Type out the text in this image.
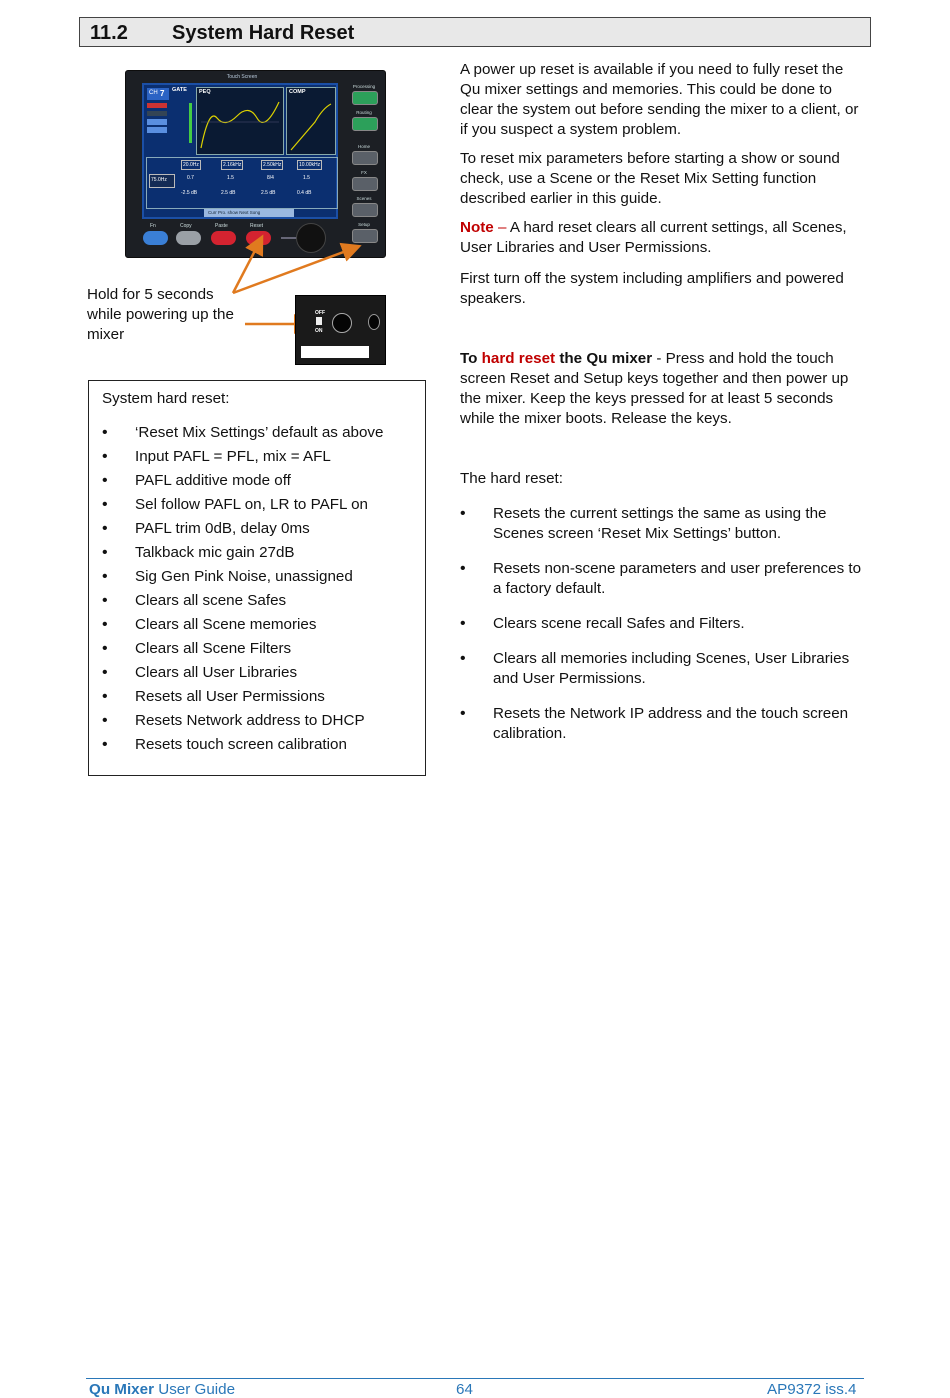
11.2 System Hard Reset
Touch Screen
CH 7 GATE PEQ	COMP
75.0Hz
20.0Hz	2.16kHz	2.50kHz	10.00kHz
0.7	1.5	8/4	1.5
-2.5 dB	2.5 dB	2.5 dB	0.4 dB
Curr Pro. show Next Song
Processing
Routing
Home
FX
Scenes
Setup
Fn	Copy	Paste	Reset
Hold for 5 seconds while powering up the mixer
OFF
ON
System hard reset:
• ‘Reset Mix Settings’ default as above
• Input PAFL = PFL, mix = AFL
• PAFL additive mode off
• Sel follow PAFL on, LR to PAFL on
• PAFL trim 0dB, delay 0ms
• Talkback mic gain 27dB
• Sig Gen Pink Noise, unassigned
• Clears all scene Safes
• Clears all Scene memories
• Clears all Scene Filters
• Clears all User Libraries
• Resets all User Permissions
• Resets Network address to DHCP
• Resets touch screen calibration

A power up reset is available if you need to fully reset the Qu mixer settings and memories. This could be done to clear the system out before sending the mixer to a client, or if you suspect a system problem.

To reset mix parameters before starting a show or sound check, use a Scene or the Reset Mix Setting function described earlier in this guide.

Note – A hard reset clears all current settings, all Scenes, User Libraries and User Permissions.

First turn off the system including amplifiers and powered speakers.

To hard reset the Qu mixer - Press and hold the touch screen Reset and Setup keys together and then power up the mixer. Keep the keys pressed for at least 5 seconds while the mixer boots. Release the keys.

The hard reset:
• Resets the current settings the same as using the Scenes screen ‘Reset Mix Settings’ button.
• Resets non-scene parameters and user preferences to a factory default.
• Clears scene recall Safes and Filters.
• Clears all memories including Scenes, User Libraries and User Permissions.
• Resets the Network IP address and the touch screen calibration.
Qu Mixer User Guide	64	AP9372 iss.4
